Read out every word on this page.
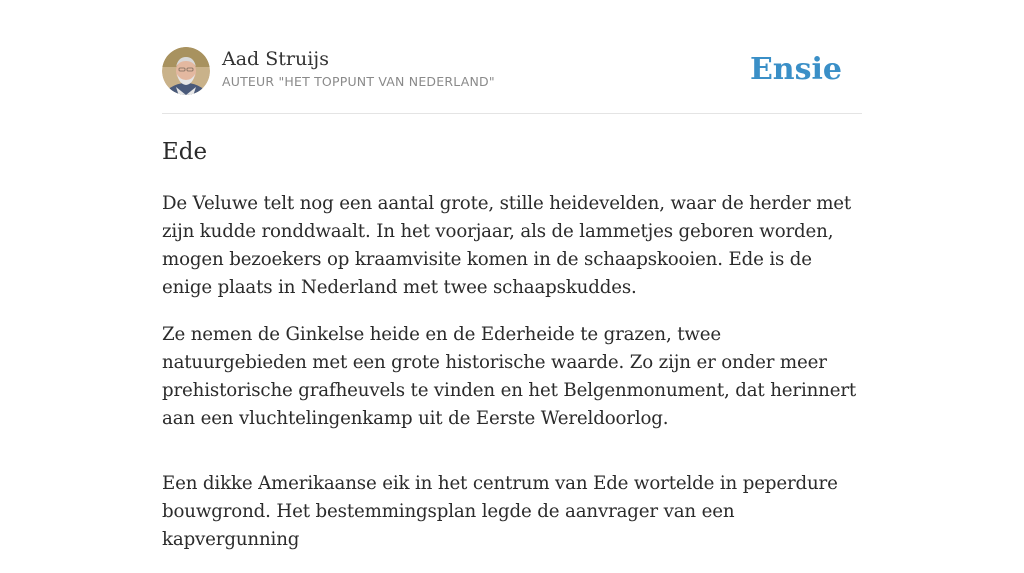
Aad Struijs
AUTEUR "HET TOPPUNT VAN NEDERLAND"	Ensie
Ede

De Veluwe telt nog een aantal grote, stille heidevelden, waar de herder met zijn kudde ronddwaalt. In het voorjaar, als de lammetjes geboren worden, mogen bezoekers op kraamvisite komen in de schaapskooien. Ede is de enige plaats in Nederland met twee schaapskuddes.

Ze nemen de Ginkelse heide en de Ederheide te grazen, twee natuurgebieden met een grote historische waarde. Zo zijn er onder meer prehistorische grafheuvels te vinden en het Belgenmonument, dat herinnert aan een vluchtelingenkamp uit de Eerste Wereldoorlog.

Een dikke Amerikaanse eik in het centrum van Ede wortelde in peperdure bouwgrond. Het bestemmingsplan legde de aanvrager van een kapvergunning
